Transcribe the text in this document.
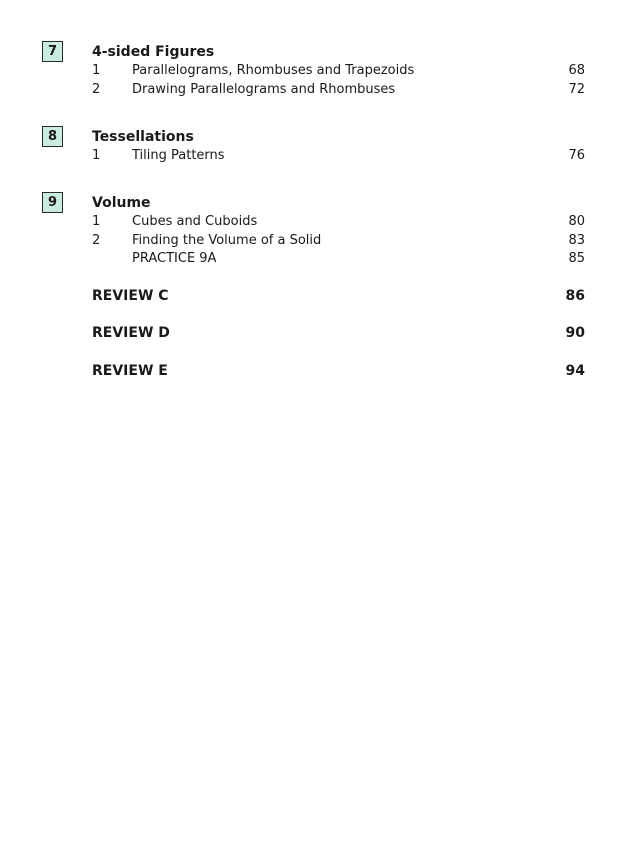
7	4-sided Figures
1 Parallelograms, Rhombuses and Trapezoids	68
2 Drawing Parallelograms and Rhombuses	72
8	Tessellations
1 Tiling Patterns	76
9	Volume
1 Cubes and Cuboids	80
2 Finding the Volume of a Solid	83
PRACTICE 9A	85
REVIEW C	86
REVIEW D	90
REVIEW E	94
